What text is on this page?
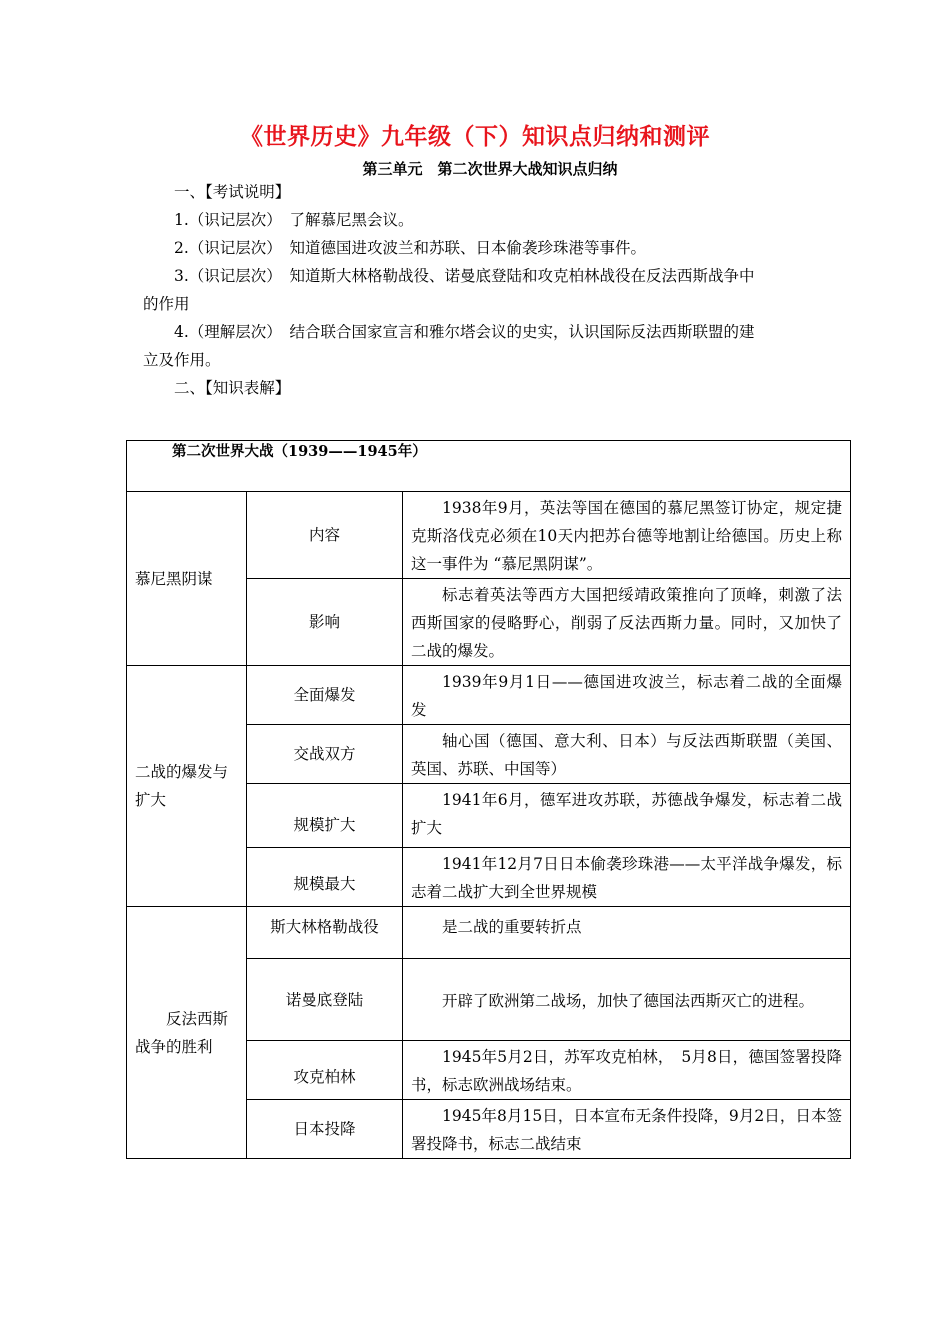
《世界历史》九年级（下）知识点归纳和测评
第三单元　第二次世界大战知识点归纳
一、【考试说明】
1.（识记层次）　了解慕尼黑会议。
2.（识记层次）　知道德国进攻波兰和苏联、日本偷袭珍珠港等事件。
3.（识记层次）　知道斯大林格勒战役、诺曼底登陆和攻克柏林战役在反法西斯战争中
的作用
4.（理解层次）　结合联合国家宣言和雅尔塔会议的史实，认识国际反法西斯联盟的建
立及作用。
二、【知识表解】
第二次世界大战（1939——1945年）		
慕尼黑阴谋	内容	1938年9月，英法等国在德国的慕尼黑签订协定，规定捷克斯洛伐克必须在10天内把苏台德等地割让给德国。历史上称这一事件为 “慕尼黑阴谋”。
	影响	标志着英法等西方大国把绥靖政策推向了顶峰，刺激了法西斯国家的侵略野心，削弱了反法西斯力量。同时，又加快了二战的爆发。
二战的爆发与扩大	全面爆发	1939年9月1日——德国进攻波兰，标志着二战的全面爆发
	交战双方	轴心国（德国、意大利、日本）与反法西斯联盟（美国、英国、苏联、中国等）
	规模扩大	1941年6月，德军进攻苏联，苏德战争爆发，标志着二战扩大
	规模最大	1941年12月7日日本偷袭珍珠港——太平洋战争爆发，标志着二战扩大到全世界规模
反法西斯战争的胜利	斯大林格勒战役	是二战的重要转折点
	诺曼底登陆	开辟了欧洲第二战场，加快了德国法西斯灭亡的进程。
	攻克柏林	1945年5月2日，苏军攻克柏林，　5月8日，德国签署投降书，标志欧洲战场结束。
	日本投降	1945年8月15日，日本宣布无条件投降，9月2日，日本签署投降书，标志二战结束
